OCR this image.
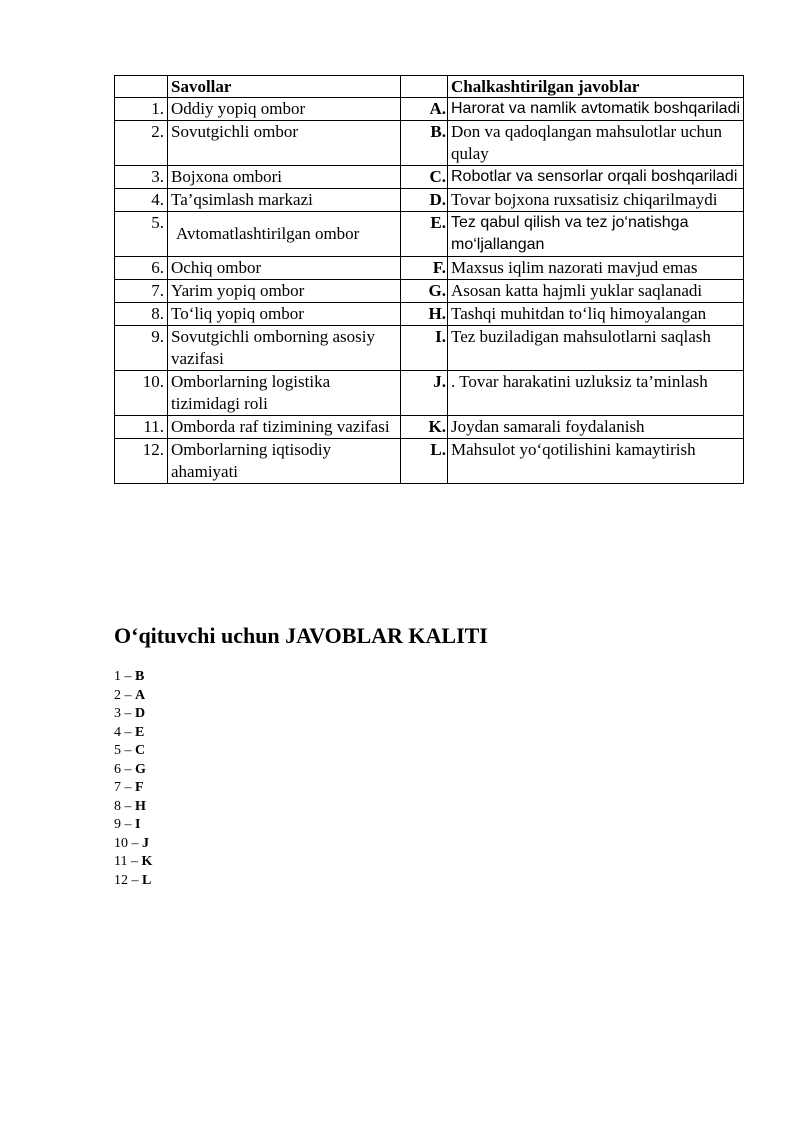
	Savollar		Chalkashtirilgan javoblar
1.	Oddiy yopiq ombor	A.	Harorat va namlik avtomatik boshqariladi
2.	Sovutgichli ombor	B.	Don va qadoqlangan mahsulotlar uchun qulay
3.	Bojxona ombori	C.	Robotlar va sensorlar orqali boshqariladi
4.	Ta’qsimlash markazi	D.	Tovar bojxona ruxsatisiz chiqarilmaydi
5.	Avtomatlashtirilgan ombor	E.	Tez qabul qilish va tez jo‘natishga mo‘ljallangan
6.	Ochiq ombor	F.	Maxsus iqlim nazorati mavjud emas
7.	Yarim yopiq ombor	G.	Asosan katta hajmli yuklar saqlanadi
8.	To‘liq yopiq ombor	H.	Tashqi muhitdan to‘liq himoyalangan
9.	Sovutgichli omborning asosiy vazifasi	I.	Tez buziladigan mahsulotlarni saqlash
10.	Omborlarning logistika tizimidagi roli	J.	. Tovar harakatini uzluksiz ta’minlash
11.	Omborda raf tizimining vazifasi	K.	Joydan samarali foydalanish
12.	Omborlarning iqtisodiy ahamiyati	L.	Mahsulot yo‘qotilishini kamaytirish
O‘qituvchi uchun JAVOBLAR KALITI
1 – B
2 – A
3 – D
4 – E
5 – C
6 – G
7 – F
8 – H
9 – I
10 – J
11 – K
12 – L
